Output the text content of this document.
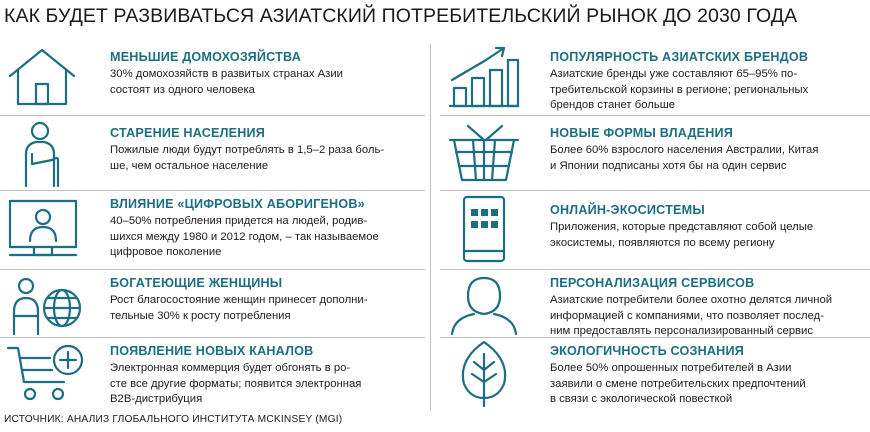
КАК БУДЕТ РАЗВИВАТЬСЯ АЗИАТСКИЙ ПОТРЕБИТЕЛЬСКИЙ РЫНОК ДО 2030 ГОДА
МЕНЬШИЕ ДОМОХОЗЯЙСТВА
30% домохозяйств в развитых странах Азии
состоят из одного человека
СТАРЕНИЕ НАСЕЛЕНИЯ
Пожилые люди будут потреблять в 1,5–2 раза боль-
ше, чем остальное население
ВЛИЯНИЕ «ЦИФРОВЫХ АБОРИГЕНОВ»
40–50% потребления придется на людей, родив-
шихся между 1980 и 2012 годом, – так называемое
цифровое поколение
БОГАТЕЮЩИЕ ЖЕНЩИНЫ
Рост благосостояние женщин принесет дополни-
тельные 30% к росту потребления
ПОЯВЛЕНИЕ НОВЫХ КАНАЛОВ
Электронная коммерция будет обгонять в ро-
сте все другие форматы; появится электронная
B2B-дистрибуция
ПОПУЛЯРНОСТЬ АЗИАТСКИХ БРЕНДОВ
Азиатские бренды уже составляют 65–95% по-
требительской корзины в регионе; региональных
брендов станет больше
НОВЫЕ ФОРМЫ ВЛАДЕНИЯ
Более 60% взрослого населения Австралии, Китая
и Японии подписаны хотя бы на один сервис
ОНЛАЙН-ЭКОСИСТЕМЫ
Приложения, которые представляют собой целые
экосистемы, появляются по всему региону
ПЕРСОНАЛИЗАЦИЯ СЕРВИСОВ
Азиатские потребители более охотно делятся личной
информацией с компаниями, что позволяет послед-
ним предоставлять персонализированный сервис
ЭКОЛОГИЧНОСТЬ СОЗНАНИЯ
Более 50% опрошенных потребителей в Азии
заявили о смене потребительских предпочтений
в связи с экологической повесткой
ИСТОЧНИК: АНАЛИЗ ГЛОБАЛЬНОГО ИНСТИТУТА MCKINSEY (MGI)
